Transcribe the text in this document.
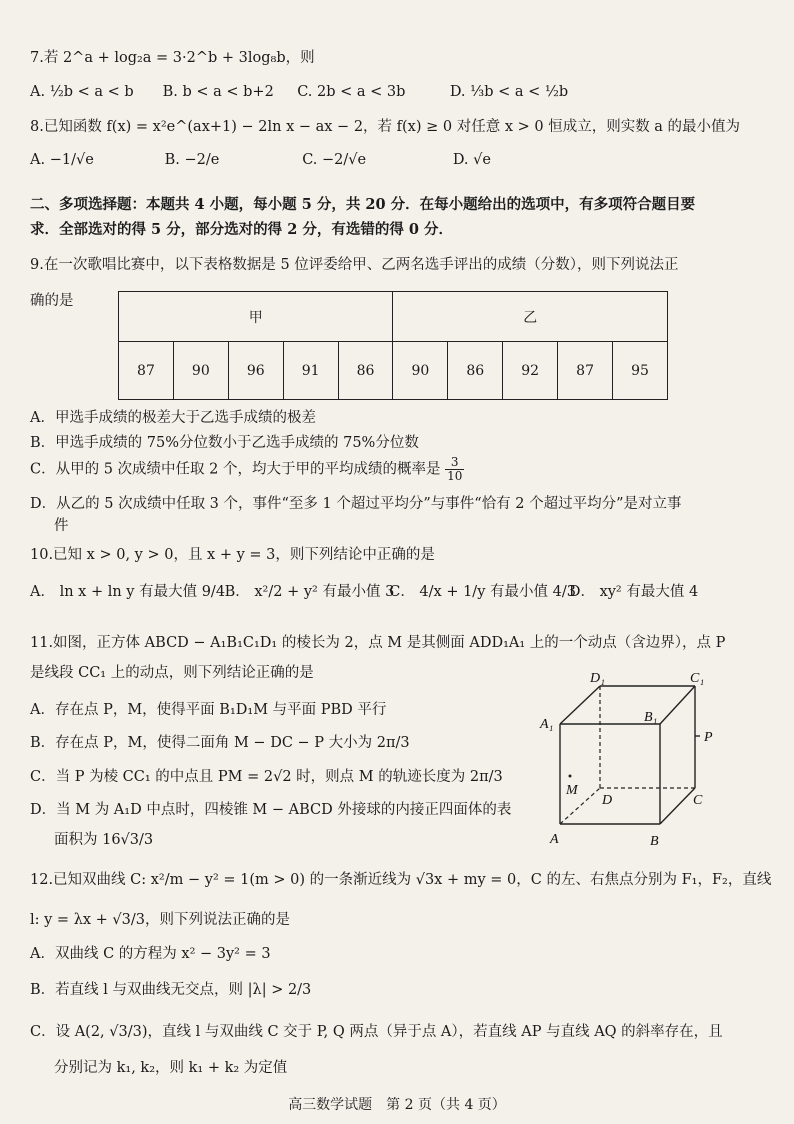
7.若 2^a + log₂a = 3·2^b + 3log₈b，则
A. ½b < a < b B. b < a < b+2 C. 2b < a < 3b	D. ⅓b < a < ½b
8.已知函数 f(x) = x²e^(ax+1) − 2ln x − ax − 2，若 f(x) ≥ 0 对任意 x > 0 恒成立，则实数 a 的最小值为
A. −1/√e	B. −2/e	C. −2/√e	D. √e
二、多项选择题：本题共 4 小题，每小题 5 分，共 20 分．在每小题给出的选项中，有多项符合题目要
求．全部选对的得 5 分，部分选对的得 2 分，有选错的得 0 分．
9.在一次歌唱比赛中，以下表格数据是 5 位评委给甲、乙两名选手评出的成绩（分数），则下列说法正
确的是
甲					乙				
87	90	96	91	86	90	86	92	87	95
A．甲选手成绩的极差大于乙选手成绩的极差
B．甲选手成绩的 75%分位数小于乙选手成绩的 75%分位数
C．从甲的 5 次成绩中任取 2 个，均大于甲的平均成绩的概率是 $\frac{3}{10}$
D．从乙的 5 次成绩中任取 3 个，事件“至多 1 个超过平均分”与事件“恰有 2 个超过平均分”是对立事
件
10.已知 x > 0, y > 0，且 x + y = 3，则下列结论中正确的是
A． ln x + ln y 有最大值 9/4 B． x²/2 + y² 有最小值 3 C． 4/x + 1/y 有最小值 4/3 D． xy² 有最大值 4
11.如图，正方体 ABCD − A₁B₁C₁D₁ 的棱长为 2，点 M 是其侧面 ADD₁A₁ 上的一个动点（含边界），点 P
是线段 CC₁ 上的动点，则下列结论正确的是
A．存在点 P，M，使得平面 B₁D₁M 与平面 PBD 平行
B．存在点 P，M，使得二面角 M − DC − P 大小为 2π/3
C．当 P 为棱 CC₁ 的中点且 PM = 2√2 时，则点 M 的轨迹长度为 2π/3
D．当 M 为 A₁D 中点时，四棱锥 M − ABCD 外接球的内接正四面体的表
面积为 16√3/3
D₁	C₁
A₁	B₁
P
M
D	C
A	B
12.已知双曲线 C: x²/m − y² = 1(m > 0) 的一条渐近线为 √3x + my = 0，C 的左、右焦点分别为 F₁，F₂，直线
l: y = λx + √3/3，则下列说法正确的是
A．双曲线 C 的方程为 x² − 3y² = 3
B．若直线 l 与双曲线无交点，则 |λ| > 2/3
C．设 A(2, √3/3)，直线 l 与双曲线 C 交于 P, Q 两点（异于点 A），若直线 AP 与直线 AQ 的斜率存在，且
分别记为 k₁, k₂，则 k₁ + k₂ 为定值
高三数学试题　第 2 页（共 4 页）
